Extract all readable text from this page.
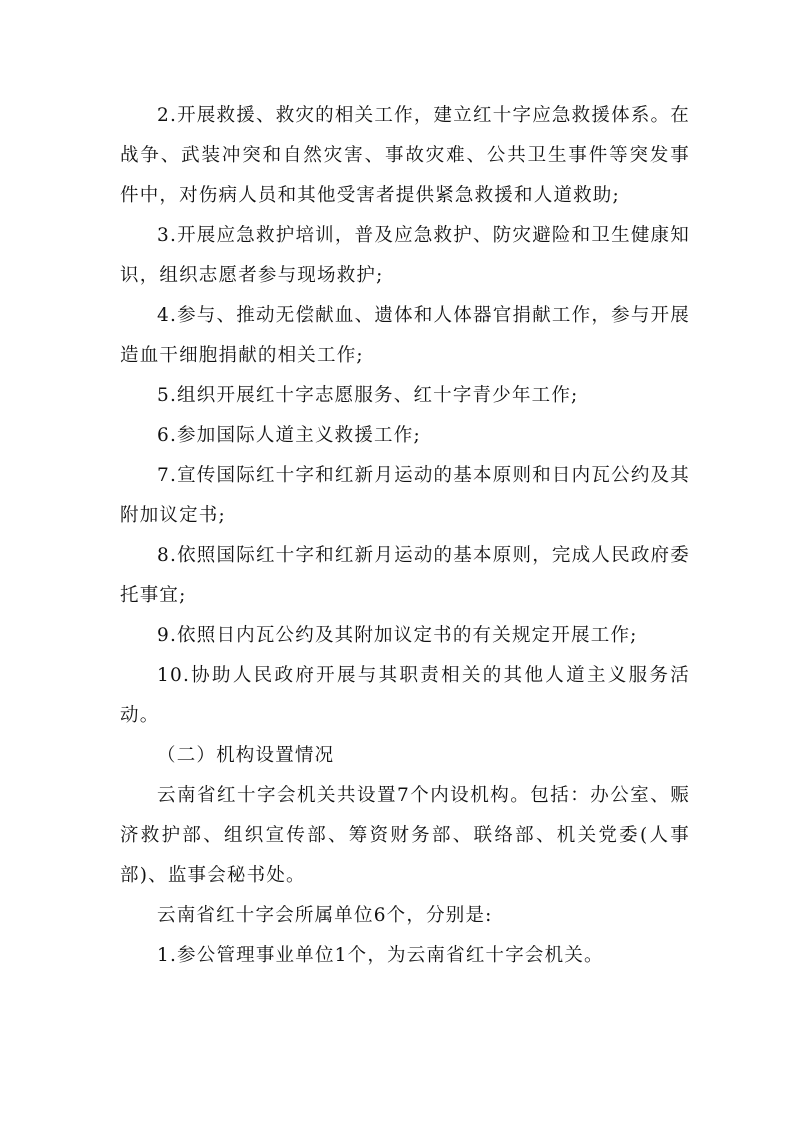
2.开展救援、救灾的相关工作，建立红十字应急救援体系。在战争、武装冲突和自然灾害、事故灾难、公共卫生事件等突发事件中，对伤病人员和其他受害者提供紧急救援和人道救助;

3.开展应急救护培训，普及应急救护、防灾避险和卫生健康知识，组织志愿者参与现场救护;

4.参与、推动无偿献血、遗体和人体器官捐献工作，参与开展造血干细胞捐献的相关工作;

5.组织开展红十字志愿服务、红十字青少年工作;

6.参加国际人道主义救援工作;

7.宣传国际红十字和红新月运动的基本原则和日内瓦公约及其附加议定书;

8.依照国际红十字和红新月运动的基本原则，完成人民政府委托事宜;

9.依照日内瓦公约及其附加议定书的有关规定开展工作;

10.协助人民政府开展与其职责相关的其他人道主义服务活动。

（二）机构设置情况

云南省红十字会机关共设置7个内设机构。包括：办公室、赈济救护部、组织宣传部、筹资财务部、联络部、机关党委(人事部)、监事会秘书处。

云南省红十字会所属单位6个，分别是:

1.参公管理事业单位1个，为云南省红十字会机关。
